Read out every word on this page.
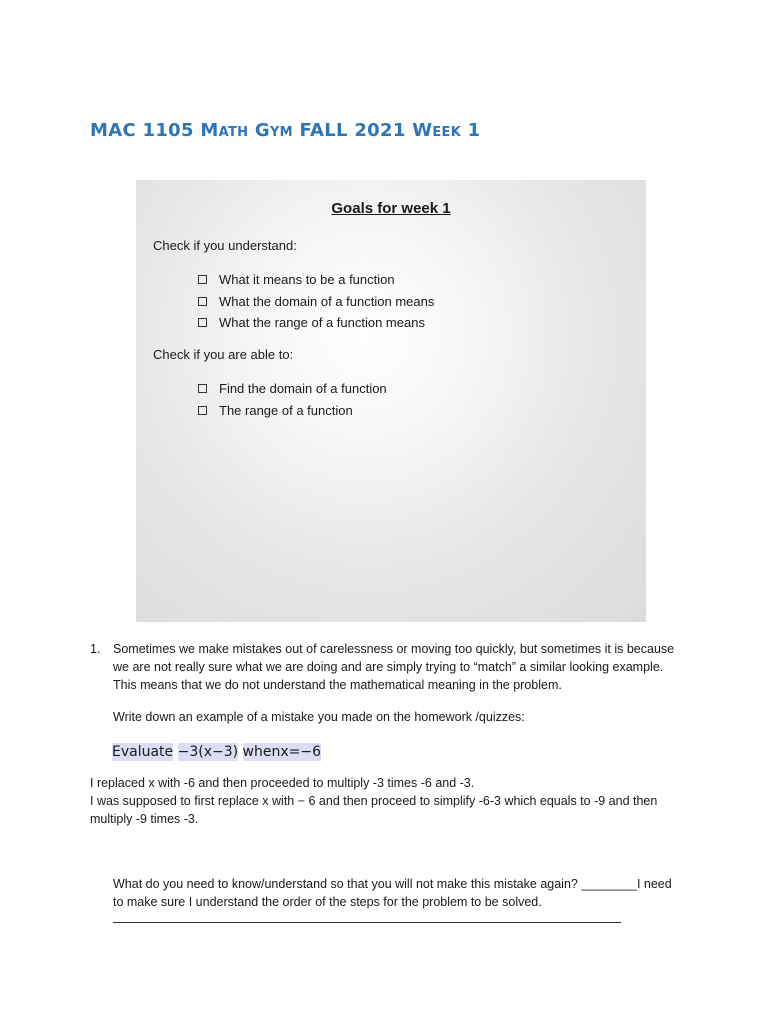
MAC 1105 Math Gym FALL 2021 Week 1
Goals for week 1
Check if you understand:
What it means to be a function
What the domain of a function means
What the range of a function means
Check if you are able to:
Find the domain of a function
The range of a function
1. Sometimes we make mistakes out of carelessness or moving too quickly, but sometimes it is because we are not really sure what we are doing and are simply trying to “match” a similar looking example. This means that we do not understand the mathematical meaning in the problem.
Write down an example of a mistake you made on the homework /quizzes:
Evaluate −3(x−3) whenx=−6
I replaced x with -6 and then proceeded to multiply -3 times -6 and -3.
I was supposed to first replace x with − 6 and then proceed to simplify -6-3 which equals to -9 and then multiply -9 times -3.
What do you need to know/understand so that you will not make this mistake again? ________I need to make sure I understand the order of the steps for the problem to be solved.
